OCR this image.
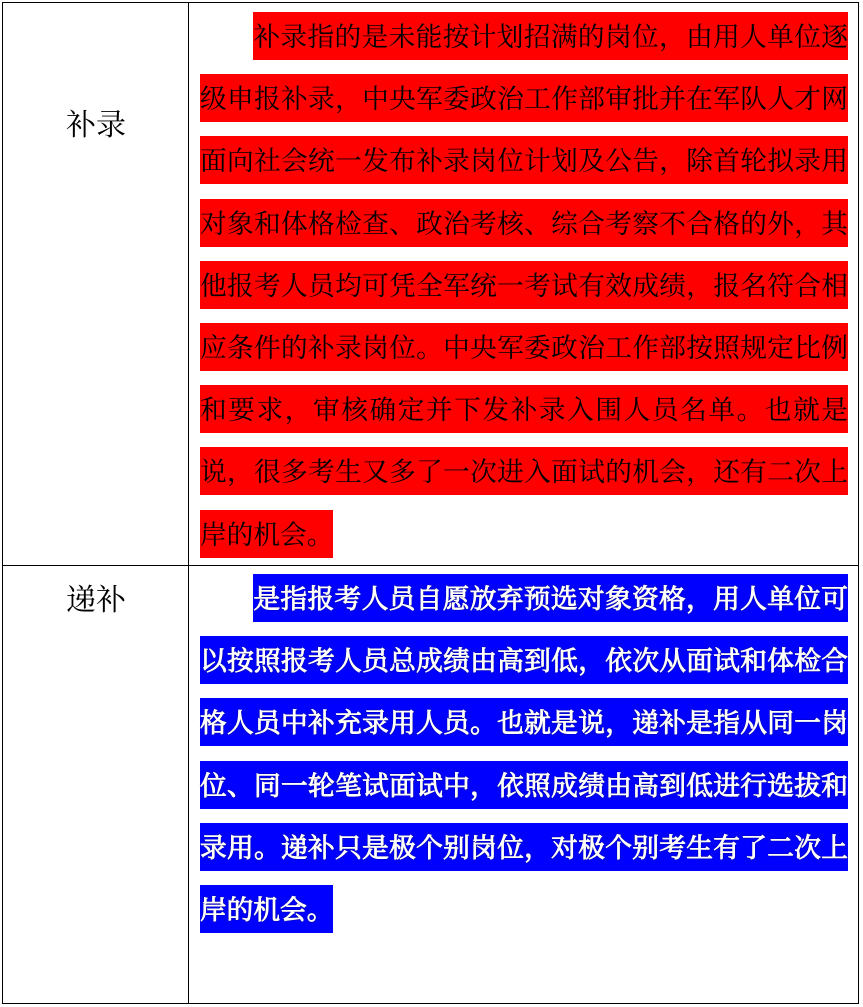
补录

补录指的是未能按计划招满的岗位，由用人单位逐级申报补录，中央军委政治工作部审批并在军队人才网面向社会统一发布补录岗位计划及公告，除首轮拟录用对象和体格检查、政治考核、综合考察不合格的外，其他报考人员均可凭全军统一考试有效成绩，报名符合相应条件的补录岗位。中央军委政治工作部按照规定比例和要求，审核确定并下发补录入围人员名单。也就是说，很多考生又多了一次进入面试的机会，还有二次上岸的机会。

递补	是指报考人员自愿放弃预选对象资格，用人单位可以按照报考人员总成绩由高到低，依次从面试和体检合格人员中补充录用人员。也就是说，递补是指从同一岗位、同一轮笔试面试中，依照成绩由高到低进行选拔和录用。递补只是极个别岗位，对极个别考生有了二次上岸的机会。
